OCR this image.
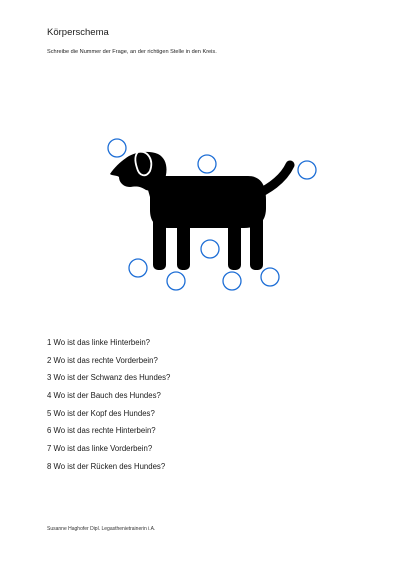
Körperschema
Schreibe die Nummer der Frage, an der richtigen Stelle in den Kreis.
1 Wo ist das linke Hinterbein?
2 Wo ist das rechte Vorderbein?
3 Wo ist der Schwanz des Hundes?
4 Wo ist der Bauch des Hundes?
5 Wo ist der Kopf des Hundes?
6 Wo ist das rechte Hinterbein?
7 Wo ist das linke Vorderbein?
8 Wo ist der Rücken des Hundes?
Susanne Haghofer Dipl. Legasthenietrainerin i.A.
